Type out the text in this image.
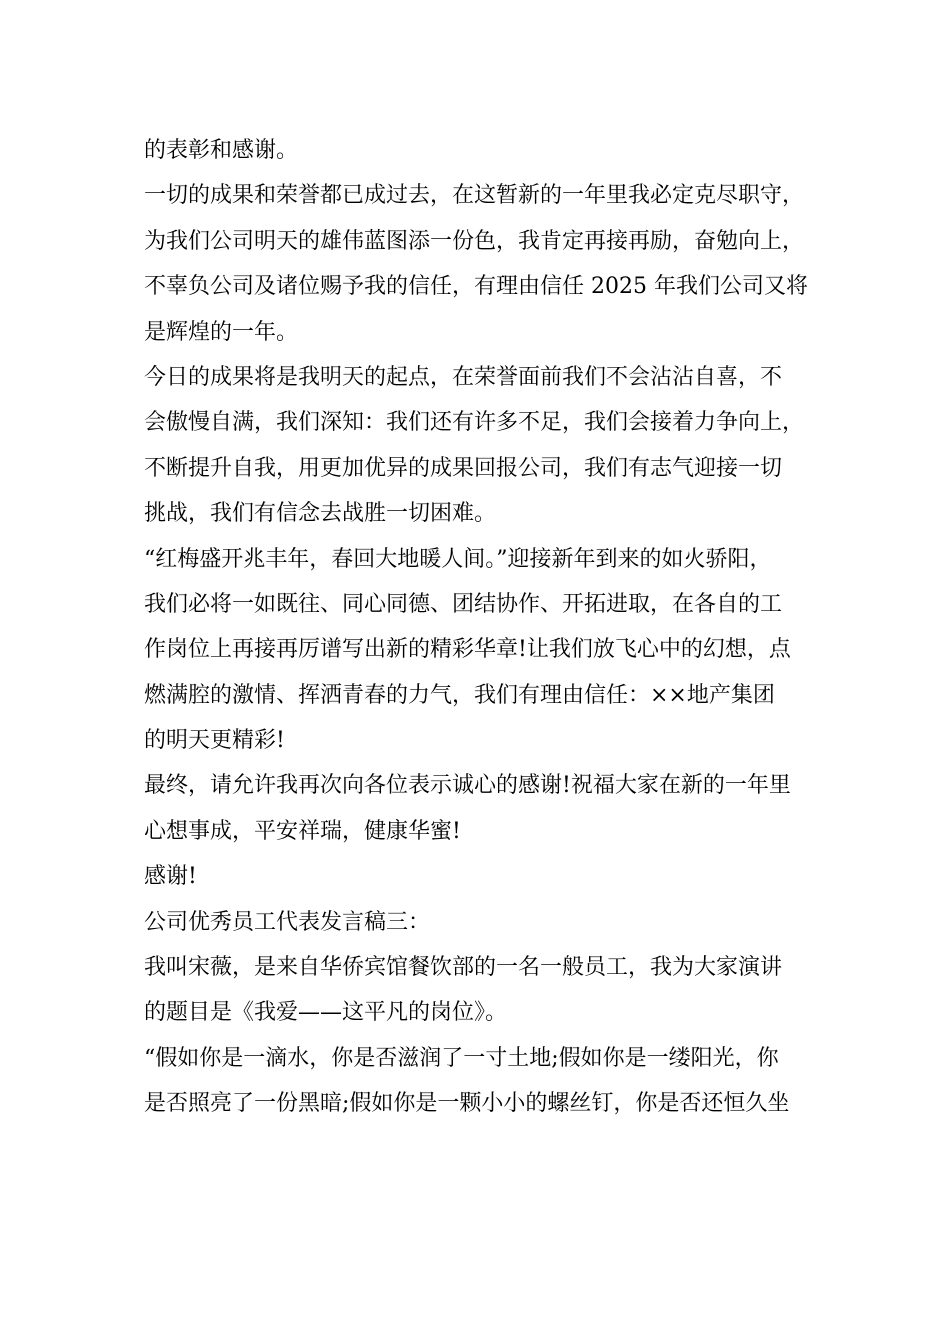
的表彰和感谢。
一切的成果和荣誉都已成过去，在这暂新的一年里我必定克尽职守，
为我们公司明天的雄伟蓝图添一份色，我肯定再接再励，奋勉向上，
不辜负公司及诸位赐予我的信任，有理由信任 2025 年我们公司又将
是辉煌的一年。
今日的成果将是我明天的起点，在荣誉面前我们不会沾沾自喜，不
会傲慢自满，我们深知：我们还有许多不足，我们会接着力争向上，
不断提升自我，用更加优异的成果回报公司，我们有志气迎接一切
挑战，我们有信念去战胜一切困难。
“红梅盛开兆丰年，春回大地暖人间。”迎接新年到来的如火骄阳，
我们必将一如既往、同心同德、团结协作、开拓进取，在各自的工
作岗位上再接再厉谱写出新的精彩华章!让我们放飞心中的幻想，点
燃满腔的激情、挥洒青春的力气，我们有理由信任：××地产集团
的明天更精彩!
最终，请允许我再次向各位表示诚心的感谢!祝福大家在新的一年里
心想事成，平安祥瑞，健康华蜜!
感谢!
公司优秀员工代表发言稿三：
我叫宋薇，是来自华侨宾馆餐饮部的一名一般员工，我为大家演讲
的题目是《我爱——这平凡的岗位》。
“假如你是一滴水，你是否滋润了一寸土地;假如你是一缕阳光，你
是否照亮了一份黑暗;假如你是一颗小小的螺丝钉，你是否还恒久坐
